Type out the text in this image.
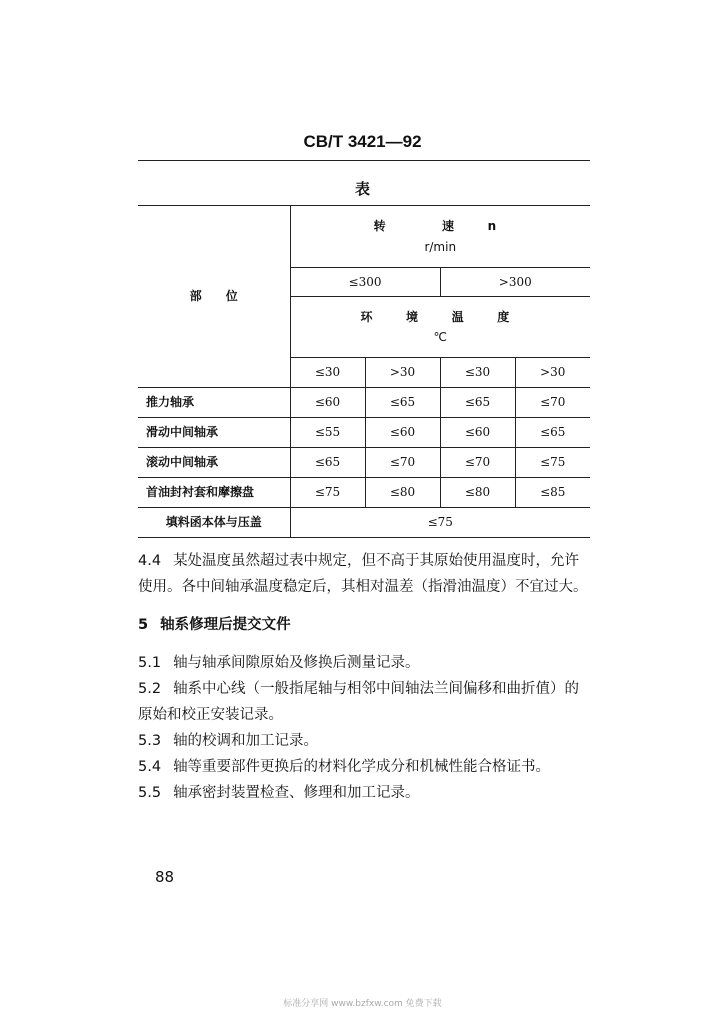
CB/T 3421—92
表
部　　位	转　　速　n
r/min			

	≤300		>300	
	环　境　温　度
℃			

	≤30	>30	≤30	>30
推力轴承	≤60	≤65	≤65	≤70
滑动中间轴承	≤55	≤60	≤60	≤65
滚动中间轴承	≤65	≤70	≤70	≤75
首油封衬套和摩擦盘	≤75	≤80	≤80	≤85
填料函本体与压盖	≤75			

4.4 某处温度虽然超过表中规定，但不高于其原始使用温度时，允许使用。各中间轴承温度稳定后，其相对温差（指滑油温度）不宜过大。

5 轴系修理后提交文件

5.1 轴与轴承间隙原始及修换后测量记录。

5.2 轴系中心线（一般指尾轴与相邻中间轴法兰间偏移和曲折值）的原始和校正安装记录。

5.3 轴的校调和加工记录。

5.4 轴等重要部件更换后的材料化学成分和机械性能合格证书。

5.5 轴承密封装置检查、修理和加工记录。

88
标准分享网 www.bzfxw.com 免费下载
